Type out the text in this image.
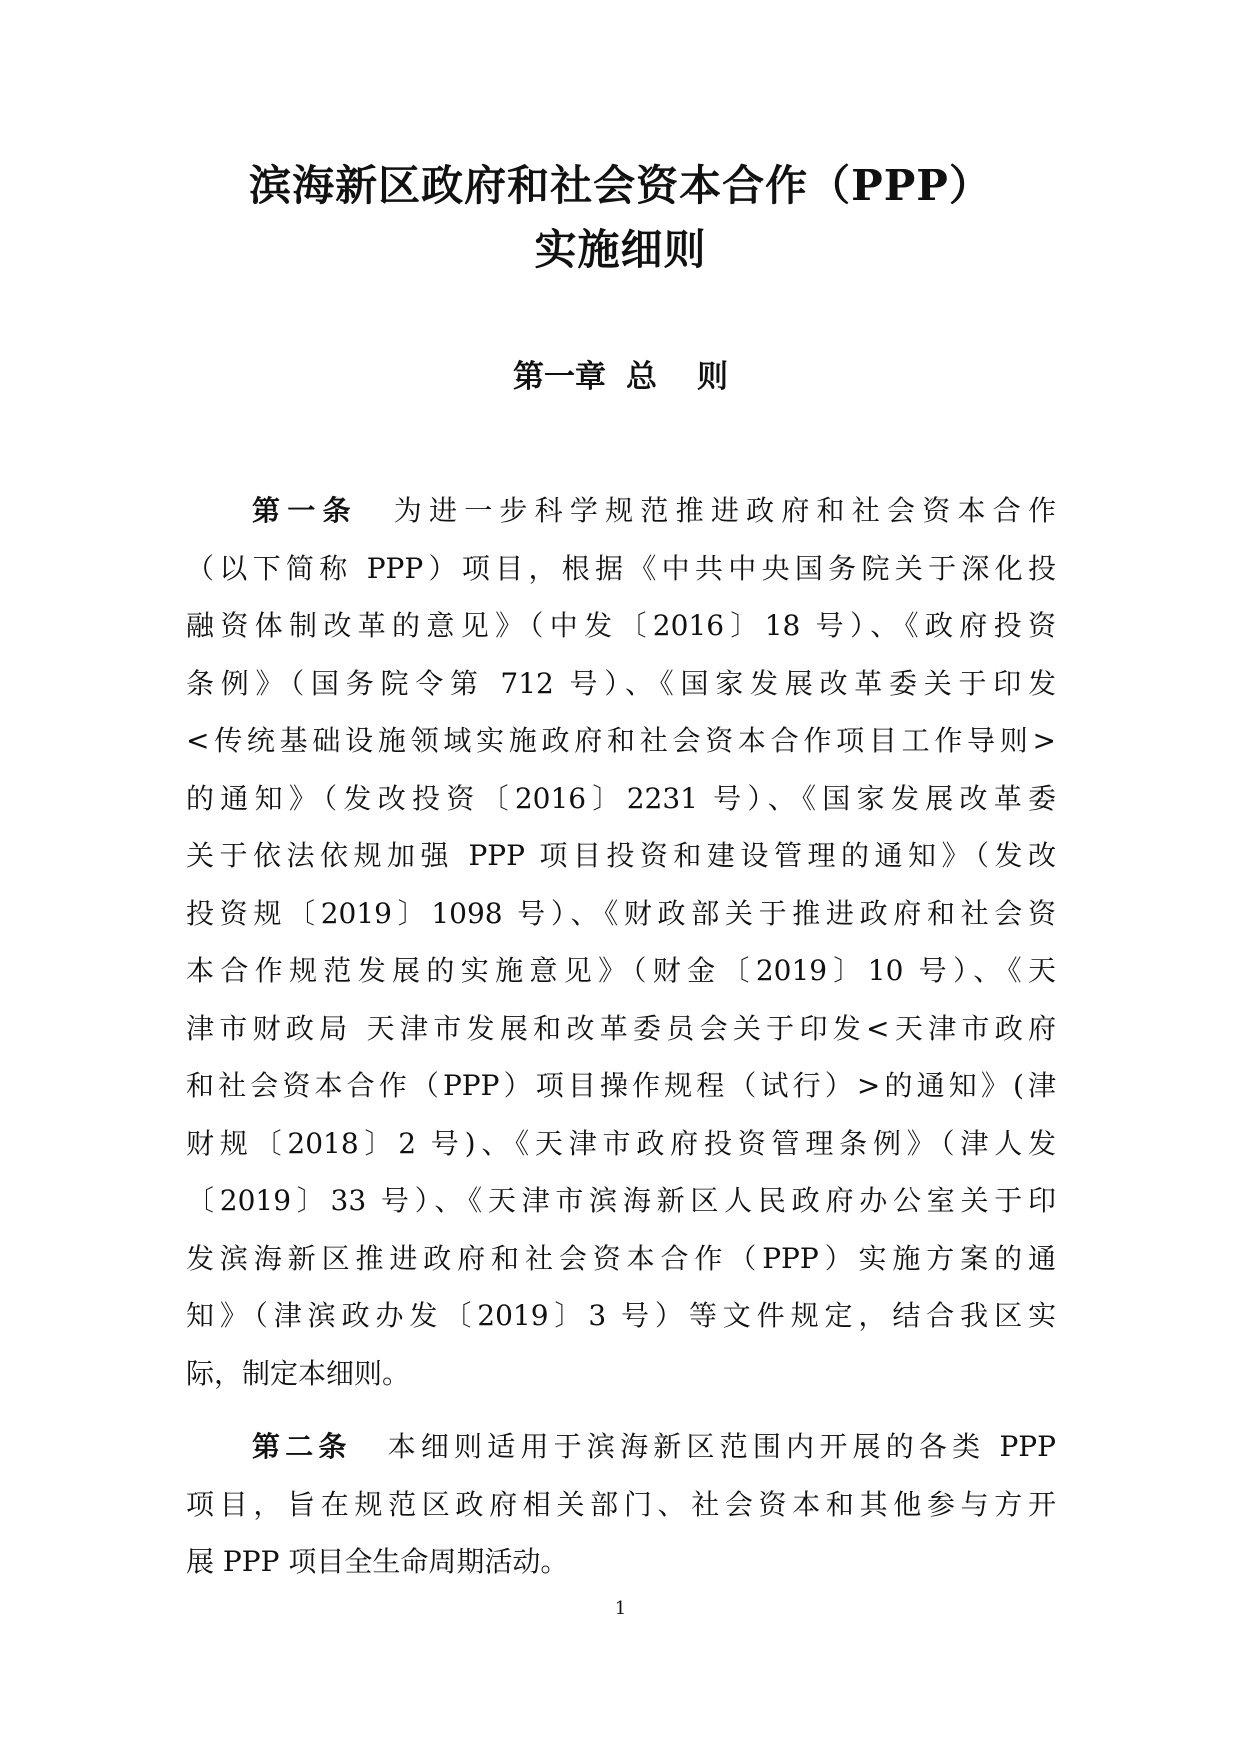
滨海新区政府和社会资本合作（PPP）
实施细则
第一章 总 则
第一条 为进一步科学规范推进政府和社会资本合作
（以下简称 PPP）项目，根据《中共中央国务院关于深化投
融资体制改革的意见》（中发〔2016〕18 号）、《政府投资
条例》（国务院令第 712 号）、《国家发展改革委关于印发
<传统基础设施领域实施政府和社会资本合作项目工作导则>
的通知》（发改投资〔2016〕2231 号）、《国家发展改革委
关于依法依规加强 PPP 项目投资和建设管理的通知》（发改
投资规〔2019〕1098 号）、《财政部关于推进政府和社会资
本合作规范发展的实施意见》（财金〔2019〕10 号）、《天
津市财政局 天津市发展和改革委员会关于印发<天津市政府
和社会资本合作（PPP）项目操作规程（试行）>的通知》(津
财规〔2018〕2 号)、《天津市政府投资管理条例》（津人发
〔2019〕33 号）、《天津市滨海新区人民政府办公室关于印
发滨海新区推进政府和社会资本合作（PPP）实施方案的通
知》（津滨政办发〔2019〕3 号）等文件规定，结合我区实
际，制定本细则。
第二条 本细则适用于滨海新区范围内开展的各类 PPP
项目，旨在规范区政府相关部门、社会资本和其他参与方开
展 PPP 项目全生命周期活动。
1
